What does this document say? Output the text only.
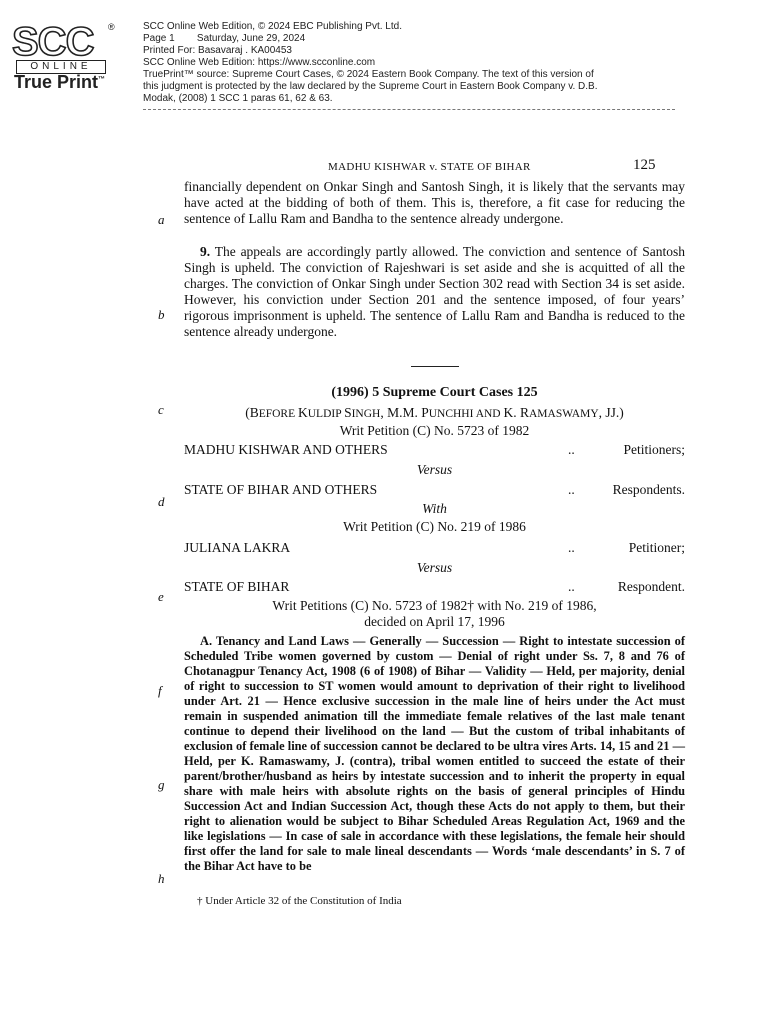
SCC ®
ONLINE
True Print™
SCC Online Web Edition, © 2024 EBC Publishing Pvt. Ltd.
Page 1        Saturday, June 29, 2024
Printed For: Basavaraj . KA00453
SCC Online Web Edition: https://www.scconline.com
TruePrint™ source: Supreme Court Cases, © 2024 Eastern Book Company. The text of this version of
this judgment is protected by the law declared by the Supreme Court in Eastern Book Company v. D.B.
Modak, (2008) 1 SCC 1 paras 61, 62 & 63.
MADHU KISHWAR v. STATE OF BIHAR	125
a
b
c
d
e
f
g
h
financially dependent on Onkar Singh and Santosh Singh, it is likely that the servants may have acted at the bidding of both of them. This is, therefore, a fit case for reducing the sentence of Lallu Ram and Bandha to the sentence already undergone.
9. The appeals are accordingly partly allowed. The conviction and sentence of Santosh Singh is upheld. The conviction of Rajeshwari is set aside and she is acquitted of all the charges. The conviction of Onkar Singh under Section 302 read with Section 34 is set aside. However, his conviction under Section 201 and the sentence imposed, of four years’ rigorous imprisonment is upheld. The sentence of Lallu Ram and Bandha is reduced to the sentence already undergone.
(1996) 5 Supreme Court Cases 125
(BEFORE KULDIP SINGH, M.M. PUNCHHI AND K. RAMASWAMY, JJ.)
Writ Petition (C) No. 5723 of 1982
MADHU KISHWAR AND OTHERS	..	Petitioners;
Versus
STATE OF BIHAR AND OTHERS	..	Respondents.
With
Writ Petition (C) No. 219 of 1986
JULIANA LAKRA	..	Petitioner;
Versus
STATE OF BIHAR	..	Respondent.
Writ Petitions (C) No. 5723 of 1982† with No. 219 of 1986,
decided on April 17, 1996
A. Tenancy and Land Laws — Generally — Succession — Right to intestate succession of Scheduled Tribe women governed by custom — Denial of right under Ss. 7, 8 and 76 of Chotanagpur Tenancy Act, 1908 (6 of 1908) of Bihar — Validity — Held, per majority, denial of right to succession to ST women would amount to deprivation of their right to livelihood under Art. 21 — Hence exclusive succession in the male line of heirs under the Act must remain in suspended animation till the immediate female relatives of the last male tenant continue to depend their livelihood on the land — But the custom of tribal inhabitants of exclusion of female line of succession cannot be declared to be ultra vires Arts. 14, 15 and 21 — Held, per K. Ramaswamy, J. (contra), tribal women entitled to succeed the estate of their parent/brother/husband as heirs by intestate succession and to inherit the property in equal share with male heirs with absolute rights on the basis of general principles of Hindu Succession Act and Indian Succession Act, though these Acts do not apply to them, but their right to alienation would be subject to Bihar Scheduled Areas Regulation Act, 1969 and the like legislations — In case of sale in accordance with these legislations, the female heir should first offer the land for sale to male lineal descendants — Words ‘male descendants’ in S. 7 of the Bihar Act have to be
† Under Article 32 of the Constitution of India
